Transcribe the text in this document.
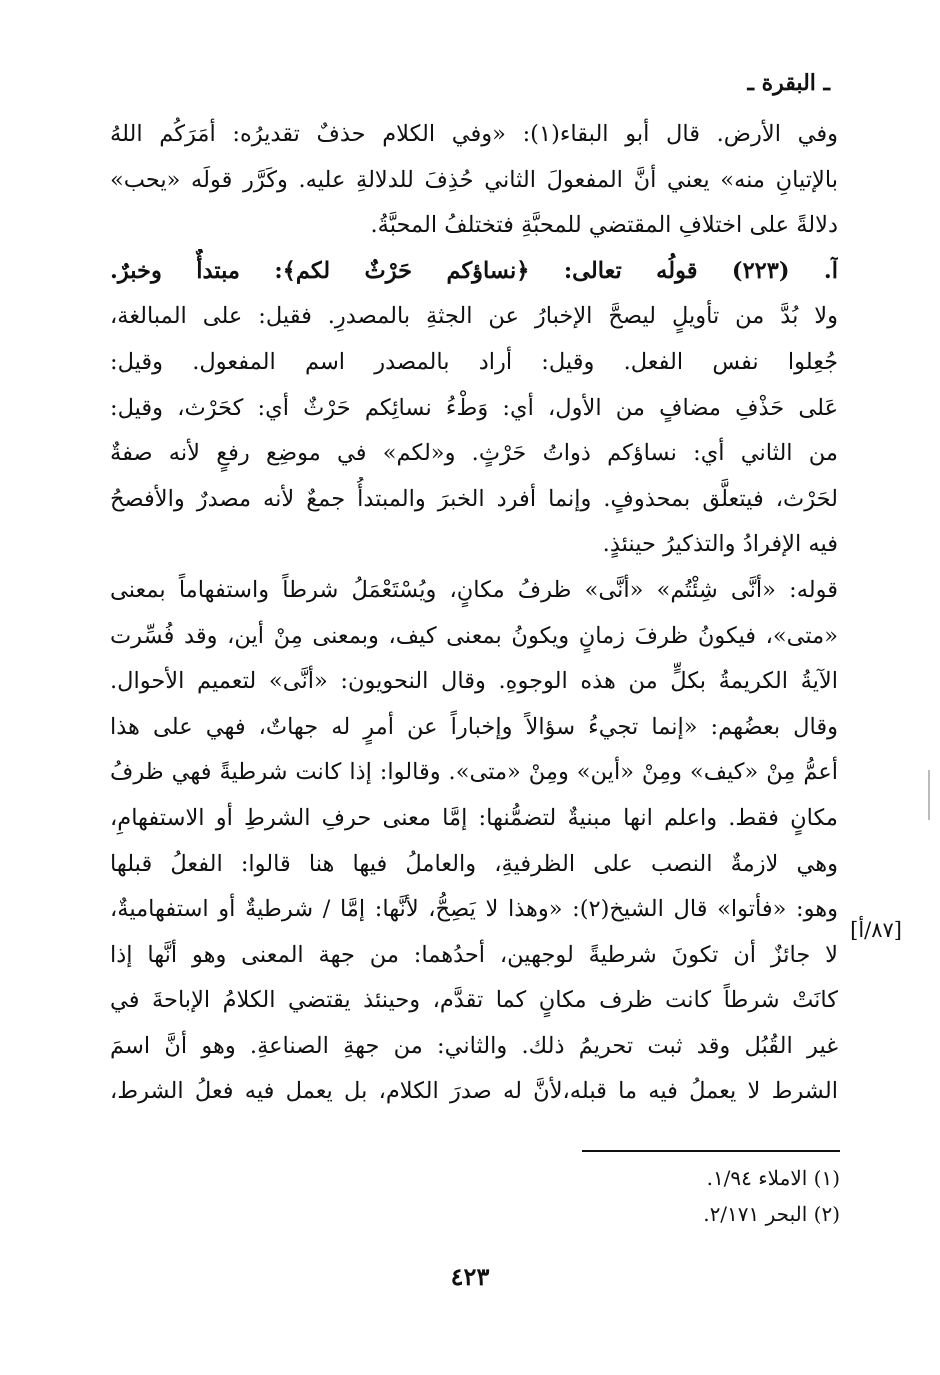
ـ البقرة ـ
وفي الأرض. قال أبو البقاء(١): «وفي الكلام حذفٌ تقديرُه: أمَرَكُم اللهُ
بالإتيانِ منه» يعني أنَّ المفعولَ الثاني حُذِفَ للدلالةِ عليه. وكَرَّر قولَه «يحب»
دلالةً على اختلافِ المقتضي للمحبَّةِ فتختلفُ المحبَّةُ.
آ. (٢٢٣) قولُه تعالى: ﴿نساؤكم حَرْثٌ لكم﴾: مبتدأٌ وخبرٌ.
ولا بُدَّ من تأويلٍ ليصحَّ الإخبارُ عن الجثةِ بالمصدرِ. فقيل: على المبالغة،
جُعِلوا نفس الفعل. وقيل: أراد بالمصدر اسم المفعول. وقيل:
عَلى حَذْفِ مضافٍ من الأول، أي: وَطْءُ نسائِكم حَرْثٌ أي: كحَرْث، وقيل:
من الثاني أي: نساؤكم ذواتُ حَرْثٍ. و«لكم» في موضِع رفعٍ لأنه صفةٌ
لحَرْث، فيتعلَّق بمحذوفٍ. وإنما أفرد الخبرَ والمبتدأُ جمعٌ لأنه مصدرٌ والأفصحُ
فيه الإفرادُ والتذكيرُ حينئذٍ.
قوله: «أنَّى شِئْتُم» «أنَّى» ظرفُ مكانٍ، ويُسْتَعْمَلُ شرطاً واستفهاماً بمعنى
«متى»، فيكونُ ظرفَ زمانٍ ويكونُ بمعنى كيف، وبمعنى مِنْ أين، وقد فُسِّرت
الآيةُ الكريمةُ بكلٍّ من هذه الوجوهِ. وقال النحويون: «أنَّى» لتعميم الأحوال.
وقال بعضُهم: «إنما تجيءُ سؤالاً وإخباراً عن أمرٍ له جهاتٌ، فهي على هذا
أعمُّ مِنْ «كيف» ومِنْ «أين» ومِنْ «متى». وقالوا: إذا كانت شرطيةً فهي ظرفُ
مكانٍ فقط. واعلم انها مبنيةٌ لتضمُّنها: إمَّا معنى حرفِ الشرطِ أو الاستفهامِ،
وهي لازمةٌ النصب على الظرفيةِ، والعاملُ فيها هنا قالوا: الفعلُ قبلها
وهو: «فأتوا» قال الشيخ(٢): «وهذا لا يَصِحُّ، لأنَّها: إمَّا / شرطيةٌ أو استفهاميةٌ،
لا جائزٌ أن تكونَ شرطيةً لوجهين، أحدُهما: من جهة المعنى وهو أنَّها إذا
كانَتْ شرطاً كانت ظرف مكانٍ كما تقدَّم، وحينئذ يقتضي الكلامُ الإباحةَ في
غير القُبُل وقد ثبت تحريمُ ذلك. والثاني: من جهةِ الصناعةِ. وهو أنَّ اسمَ
الشرط لا يعملُ فيه ما قبله،لأنَّ له صدرَ الكلام، بل يعمل فيه فعلُ الشرط،
[٨٧/أ]
(١) الاملاء ١/٩٤.
(٢) البحر ٢/١٧١.
٤٢٣
